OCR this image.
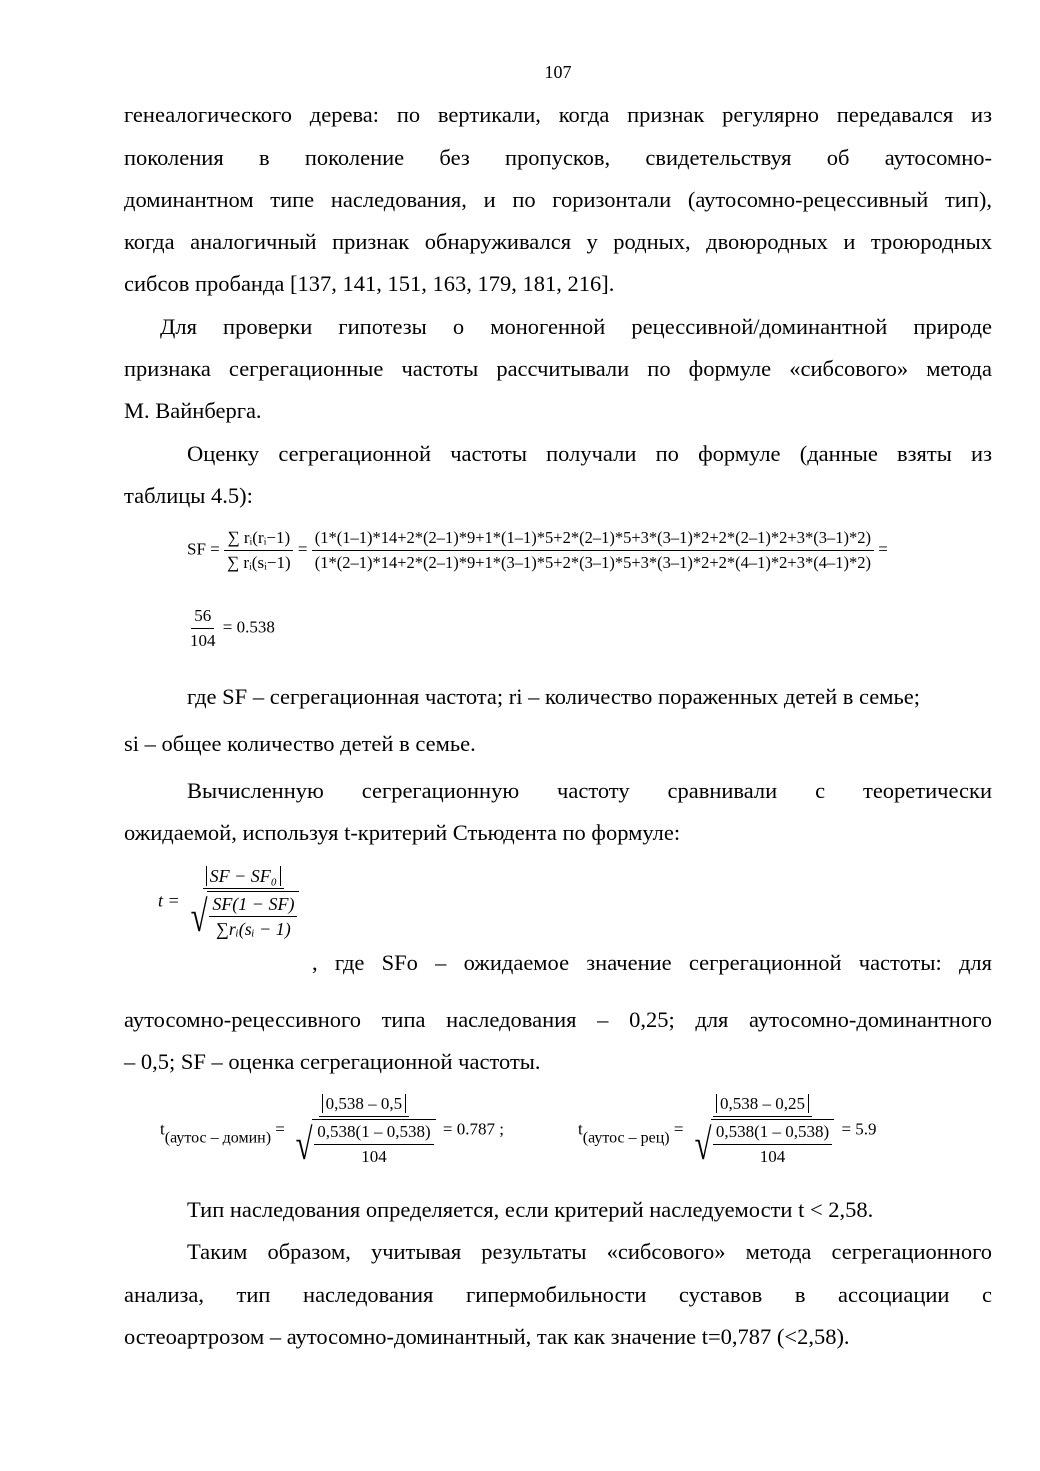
107
генеалогического дерева: по вертикали, когда признак регулярно передавался из
поколения в поколение без пропусков, свидетельствуя об аутосомно-
доминантном типе наследования, и по горизонтали (аутосомно-рецессивный тип),
когда аналогичный признак обнаруживался у родных, двоюродных и троюродных
сибсов пробанда [137, 141, 151, 163, 179, 181, 216].
Для проверки гипотезы о моногенной рецессивной/доминантной природе
признака сегрегационные частоты рассчитывали по формуле «сибсового» метода
М. Вайнберга.
Оценку сегрегационной частоты получали по формуле (данные взяты из
таблицы 4.5):
SF = $\frac{\text{∑ rᵢ(rᵢ−1)}}{\text{∑ rᵢ(sᵢ−1)}}$ =
(1*(1–1)*14+2*(2–1)*9+1*(1–1)*5+2*(2–1)*5+3*(3–1)*2+2*(2–1)*2+3*(3–1)*2)
(1*(2–1)*14+2*(2–1)*9+1*(3–1)*5+2*(3–1)*5+3*(3–1)*2+2*(4–1)*2+3*(4–1)*2)
=
$\frac{56}{104} = 0.538$
где SF – сегрегационная частота; ri – количество пораженных детей в семье;
si – общее количество детей в семье.
Вычисленную сегрегационную частоту сравнивали с теоретически
ожидаемой, используя t-критерий Стьюдента по формуле:
t =
SF − SF₀
√ $\frac{SF(1 - SF)}{\text{∑rᵢ(sᵢ − 1)}}$
, где SFo – ожидаемое значение сегрегационной частоты: для
аутосомно-рецессивного типа наследования – 0,25; для аутосомно-доминантного
– 0,5; SF – оценка сегрегационной частоты.
t(аутос – домин) =
0,538 – 0,5
√ $\frac{0,538(1 - 0,538)}{104} = 0.787$ ;	t(аутос – рец) =
0,538 – 0,25
√ $\frac{0,538(1 - 0,538)}{104} = 5.9$
Тип наследования определяется, если критерий наследуемости t < 2,58.
Таким образом, учитывая результаты «сибсового» метода сегрегационного
анализа, тип наследования гипермобильности суставов в ассоциации с
остеоартрозом – аутосомно-доминантный, так как значение t=0,787 (<2,58).
